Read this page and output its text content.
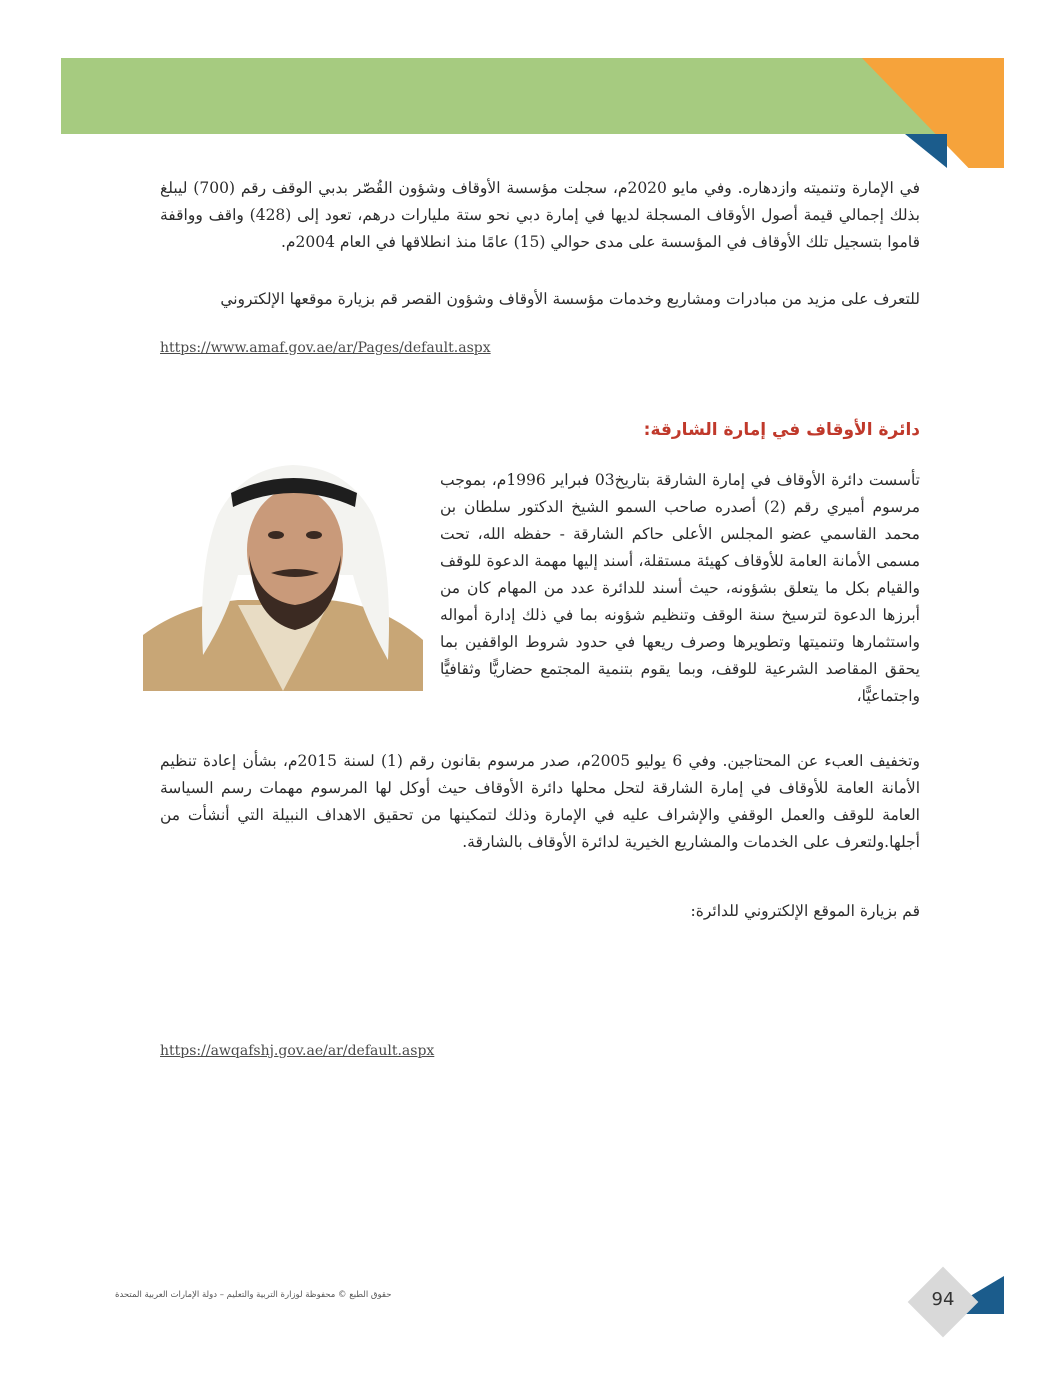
في الإمارة وتنميته وازدهاره. وفي مايو 2020م، سجلت مؤسسة الأوقاف وشؤون القُصّر بدبي الوقف رقم (700) ليبلغ بذلك إجمالي قيمة أصول الأوقاف المسجلة لديها في إمارة دبي نحو ستة مليارات درهم، تعود إلى (428) واقف وواقفة قاموا بتسجيل تلك الأوقاف في المؤسسة على مدى حوالي (15) عامًا منذ انطلاقها في العام 2004م.

للتعرف على مزيد من مبادرات ومشاريع وخدمات مؤسسة الأوقاف وشؤون القصر قم بزيارة موقعها الإلكتروني

https://www.amaf.gov.ae/ar/Pages/default.aspx
دائرة الأوقاف في إمارة الشارقة:

تأسست دائرة الأوقاف في إمارة الشارقة بتاريخ03 فبراير 1996م، بموجب مرسوم أميري رقم (2) أصدره صاحب السمو الشيخ الدكتور سلطان بن محمد القاسمي عضو المجلس الأعلى حاكم الشارقة - حفظه الله، تحت مسمى الأمانة العامة للأوقاف كهيئة مستقلة، أسند إليها مهمة الدعوة للوقف والقيام بكل ما يتعلق بشؤونه، حيث أسند للدائرة عدد من المهام كان من أبرزها الدعوة لترسيخ سنة الوقف وتنظيم شؤونه بما في ذلك إدارة أمواله واستثمارها وتنميتها وتطويرها وصرف ريعها في حدود شروط الواقفين بما يحقق المقاصد الشرعية للوقف، وبما يقوم بتنمية المجتمع حضاريًّا وثقافيًّا واجتماعيًّا،

وتخفيف العبء عن المحتاجين. وفي 6 يوليو 2005م، صدر مرسوم بقانون رقم (1) لسنة 2015م، بشأن إعادة تنظيم الأمانة العامة للأوقاف في إمارة الشارقة لتحل محلها دائرة الأوقاف حيث أوكل لها المرسوم مهمات رسم السياسة العامة للوقف والعمل الوقفي والإشراف عليه في الإمارة وذلك لتمكينها من تحقيق الاهداف النبيلة التي أنشأت من أجلها.ولتعرف على الخدمات والمشاريع الخيرية لدائرة الأوقاف بالشارقة.

قم بزيارة الموقع الإلكتروني للدائرة:

https://awqafshj.gov.ae/ar/default.aspx
94
حقوق الطبع © محفوظة لوزارة التربية والتعليم – دولة الإمارات العربية المتحدة
